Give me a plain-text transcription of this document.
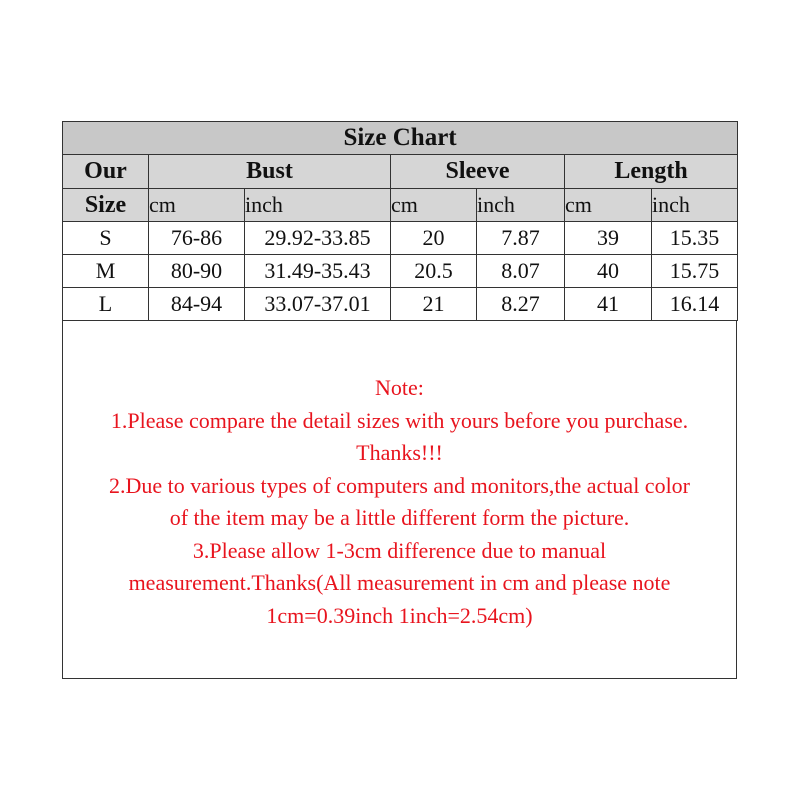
Size Chart						
Our	Bust		Sleeve		Length	
Size	cm	inch	cm	inch	cm	inch
S	76-86	29.92-33.85	20	7.87	39	15.35
M	80-90	31.49-35.43	20.5	8.07	40	15.75
L	84-94	33.07-37.01	21	8.27	41	16.14
Note:
1.Please compare the detail sizes with yours before you purchase.
Thanks!!!
2.Due to various types of computers and monitors,the actual color
of the item may be a little different form the picture.
3.Please allow 1-3cm difference due to manual
measurement.Thanks(All measurement in cm and please note
1cm=0.39inch 1inch=2.54cm)
